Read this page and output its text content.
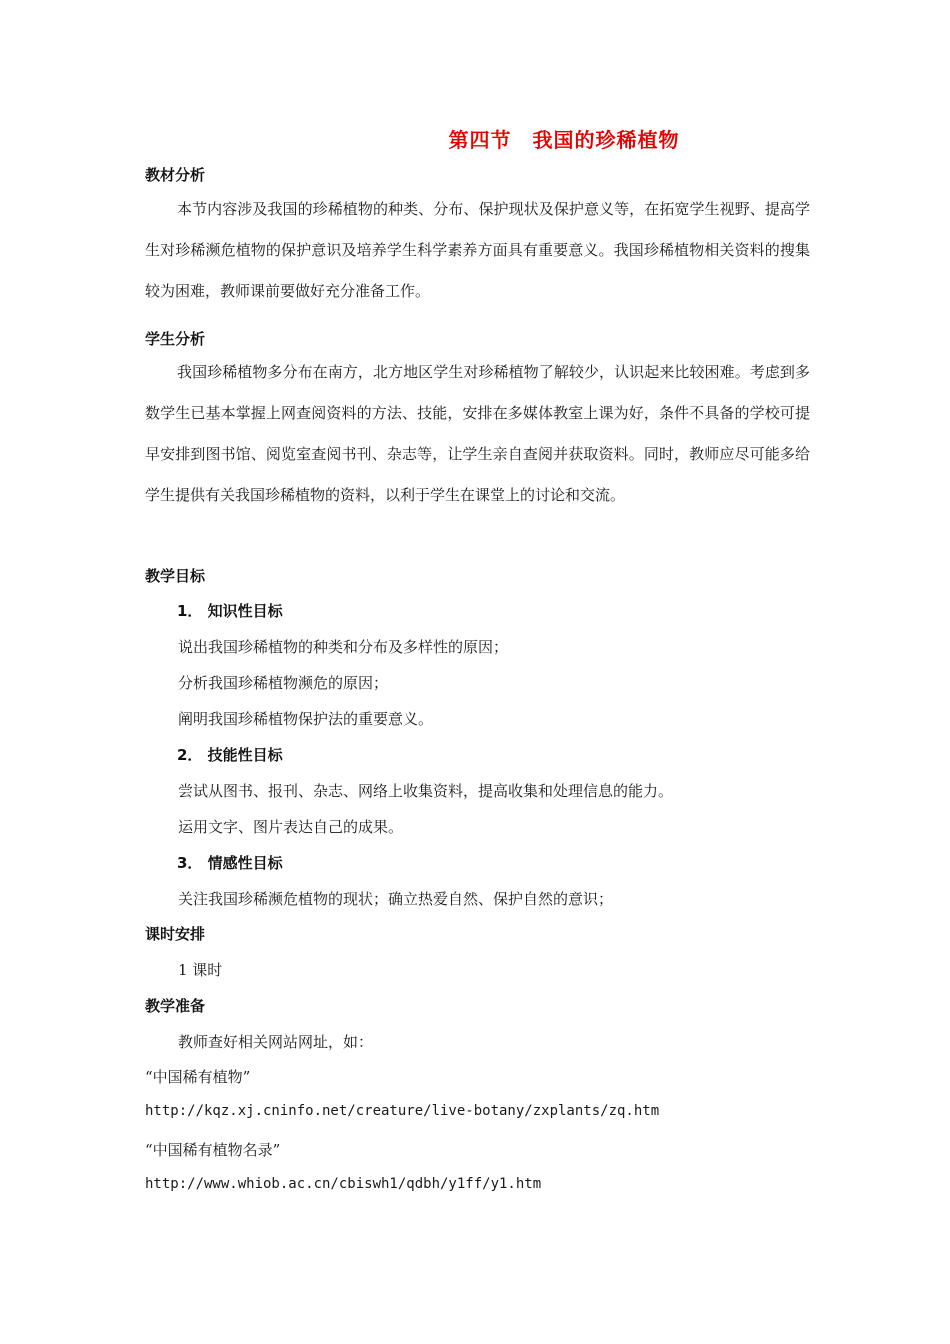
第四节　我国的珍稀植物
教材分析

本节内容涉及我国的珍稀植物的种类、分布、保护现状及保护意义等，在拓宽学生视野、提高学生对珍稀濒危植物的保护意识及培养学生科学素养方面具有重要意义。我国珍稀植物相关资料的搜集较为困难，教师课前要做好充分准备工作。

学生分析

我国珍稀植物多分布在南方，北方地区学生对珍稀植物了解较少，认识起来比较困难。考虑到多数学生已基本掌握上网查阅资料的方法、技能，安排在多媒体教室上课为好，条件不具备的学校可提早安排到图书馆、阅览室查阅书刊、杂志等，让学生亲自查阅并获取资料。同时，教师应尽可能多给学生提供有关我国珍稀植物的资料，以利于学生在课堂上的讨论和交流。

教学目标
1． 知识性目标
说出我国珍稀植物的种类和分布及多样性的原因；
分析我国珍稀植物濒危的原因；
阐明我国珍稀植物保护法的重要意义。
2． 技能性目标
尝试从图书、报刊、杂志、网络上收集资料，提高收集和处理信息的能力。
运用文字、图片表达自己的成果。
3． 情感性目标
关注我国珍稀濒危植物的现状；确立热爱自然、保护自然的意识；
课时安排
1 课时
教学准备
教师查好相关网站网址，如：
“中国稀有植物”
http://kqz.xj.cninfo.net/creature/live-botany/zxplants/zq.htm
“中国稀有植物名录”
http://www.whiob.ac.cn/cbiswh1/qdbh/y1ff/y1.htm
